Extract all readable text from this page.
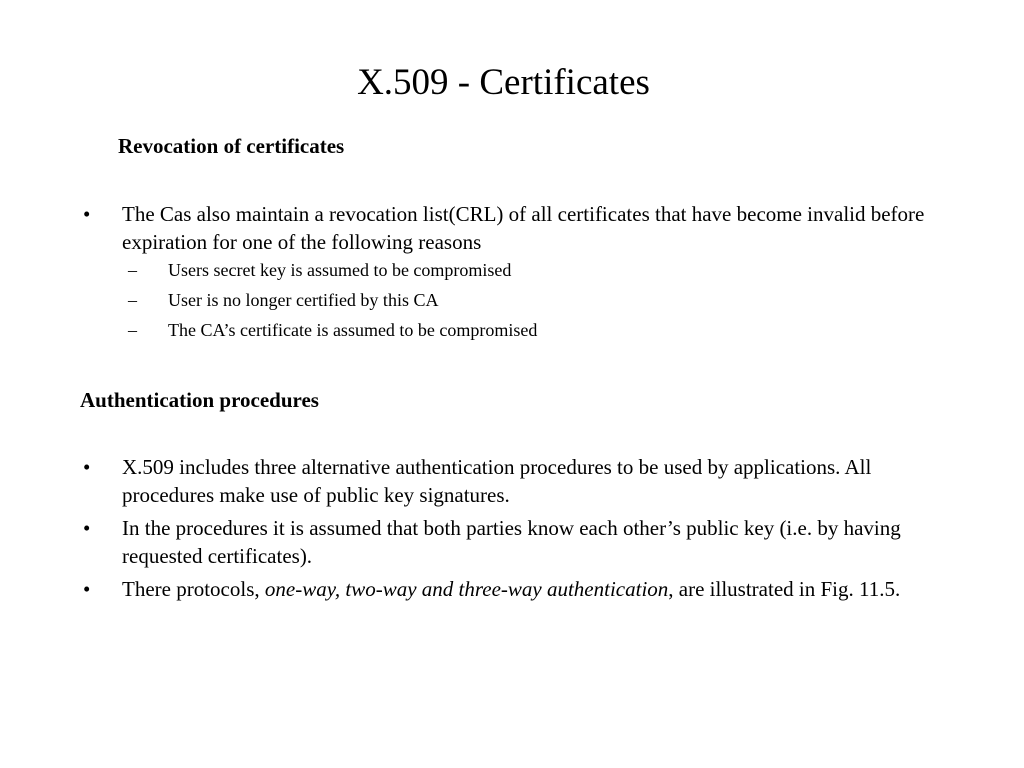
X.509 - Certificates
Revocation of certificates
• The Cas also maintain a revocation list(CRL) of all certificates that have become invalid before expiration for one of the following reasons
– Users secret key is assumed to be compromised
– User is no longer certified by this CA
– The CA’s certificate is assumed to be compromised
Authentication procedures
• X.509 includes three alternative authentication procedures to be used by applications. All procedures make use of public key signatures.
• In the procedures it is assumed that both parties know each other’s public key (i.e. by having requested certificates).
• There protocols, one-way, two-way and three-way authentication, are illustrated in Fig. 11.5.
